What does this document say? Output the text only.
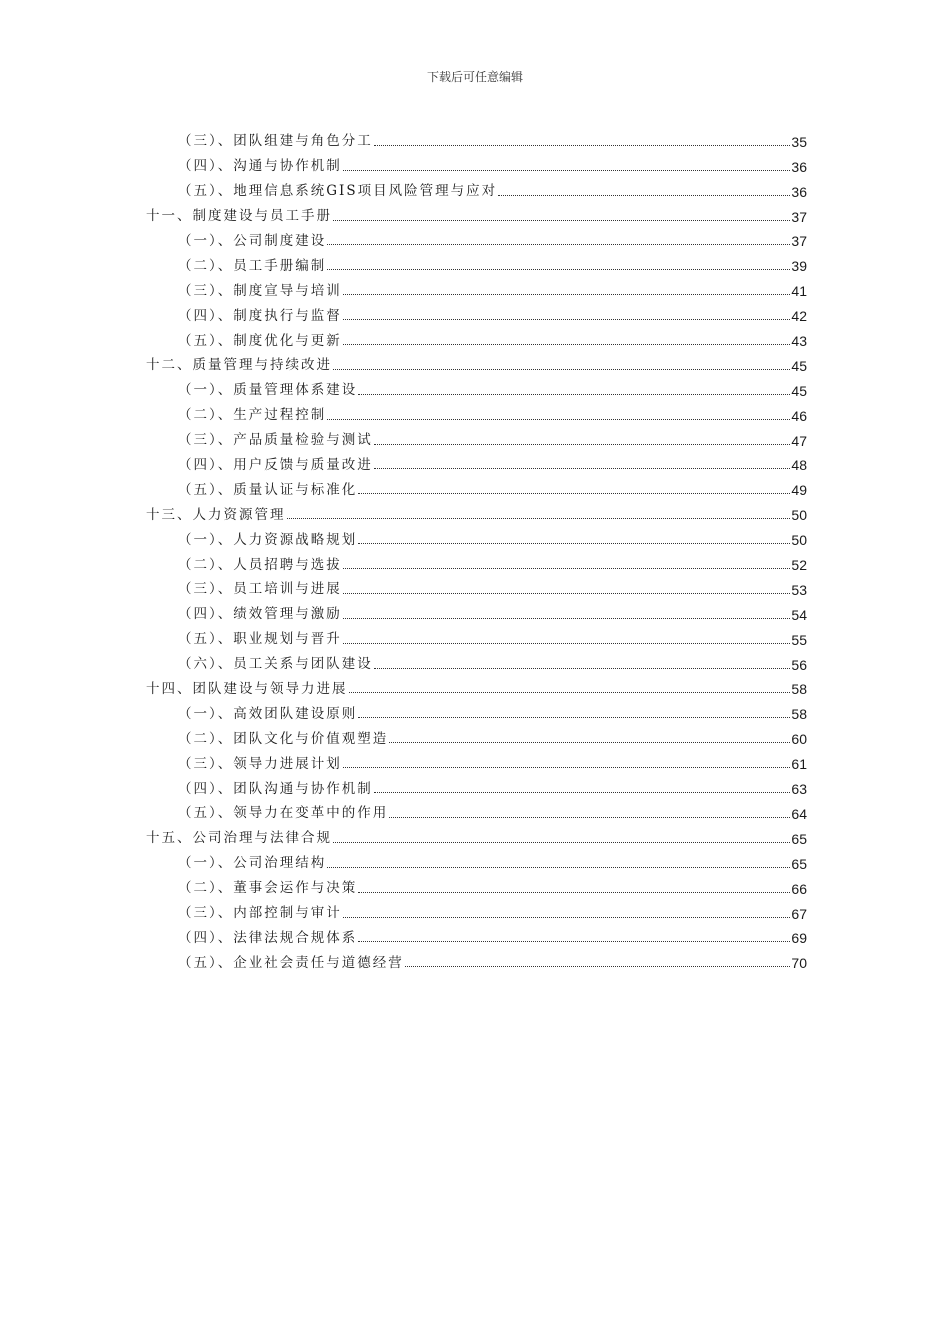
下载后可任意编辑
（三）、团队组建与角色分工	35
（四）、沟通与协作机制	36
（五）、地理信息系统GIS项目风险管理与应对	36
十一、制度建设与员工手册	37
（一）、公司制度建设	37
（二）、员工手册编制	39
（三）、制度宣导与培训	41
（四）、制度执行与监督	42
（五）、制度优化与更新	43
十二、质量管理与持续改进	45
（一）、质量管理体系建设	45
（二）、生产过程控制	46
（三）、产品质量检验与测试	47
（四）、用户反馈与质量改进	48
（五）、质量认证与标准化	49
十三、人力资源管理	50
（一）、人力资源战略规划	50
（二）、人员招聘与选拔	52
（三）、员工培训与进展	53
（四）、绩效管理与激励	54
（五）、职业规划与晋升	55
（六）、员工关系与团队建设	56
十四、团队建设与领导力进展	58
（一）、高效团队建设原则	58
（二）、团队文化与价值观塑造	60
（三）、领导力进展计划	61
（四）、团队沟通与协作机制	63
（五）、领导力在变革中的作用	64
十五、公司治理与法律合规	65
（一）、公司治理结构	65
（二）、董事会运作与决策	66
（三）、内部控制与审计	67
（四）、法律法规合规体系	69
（五）、企业社会责任与道德经营	70
